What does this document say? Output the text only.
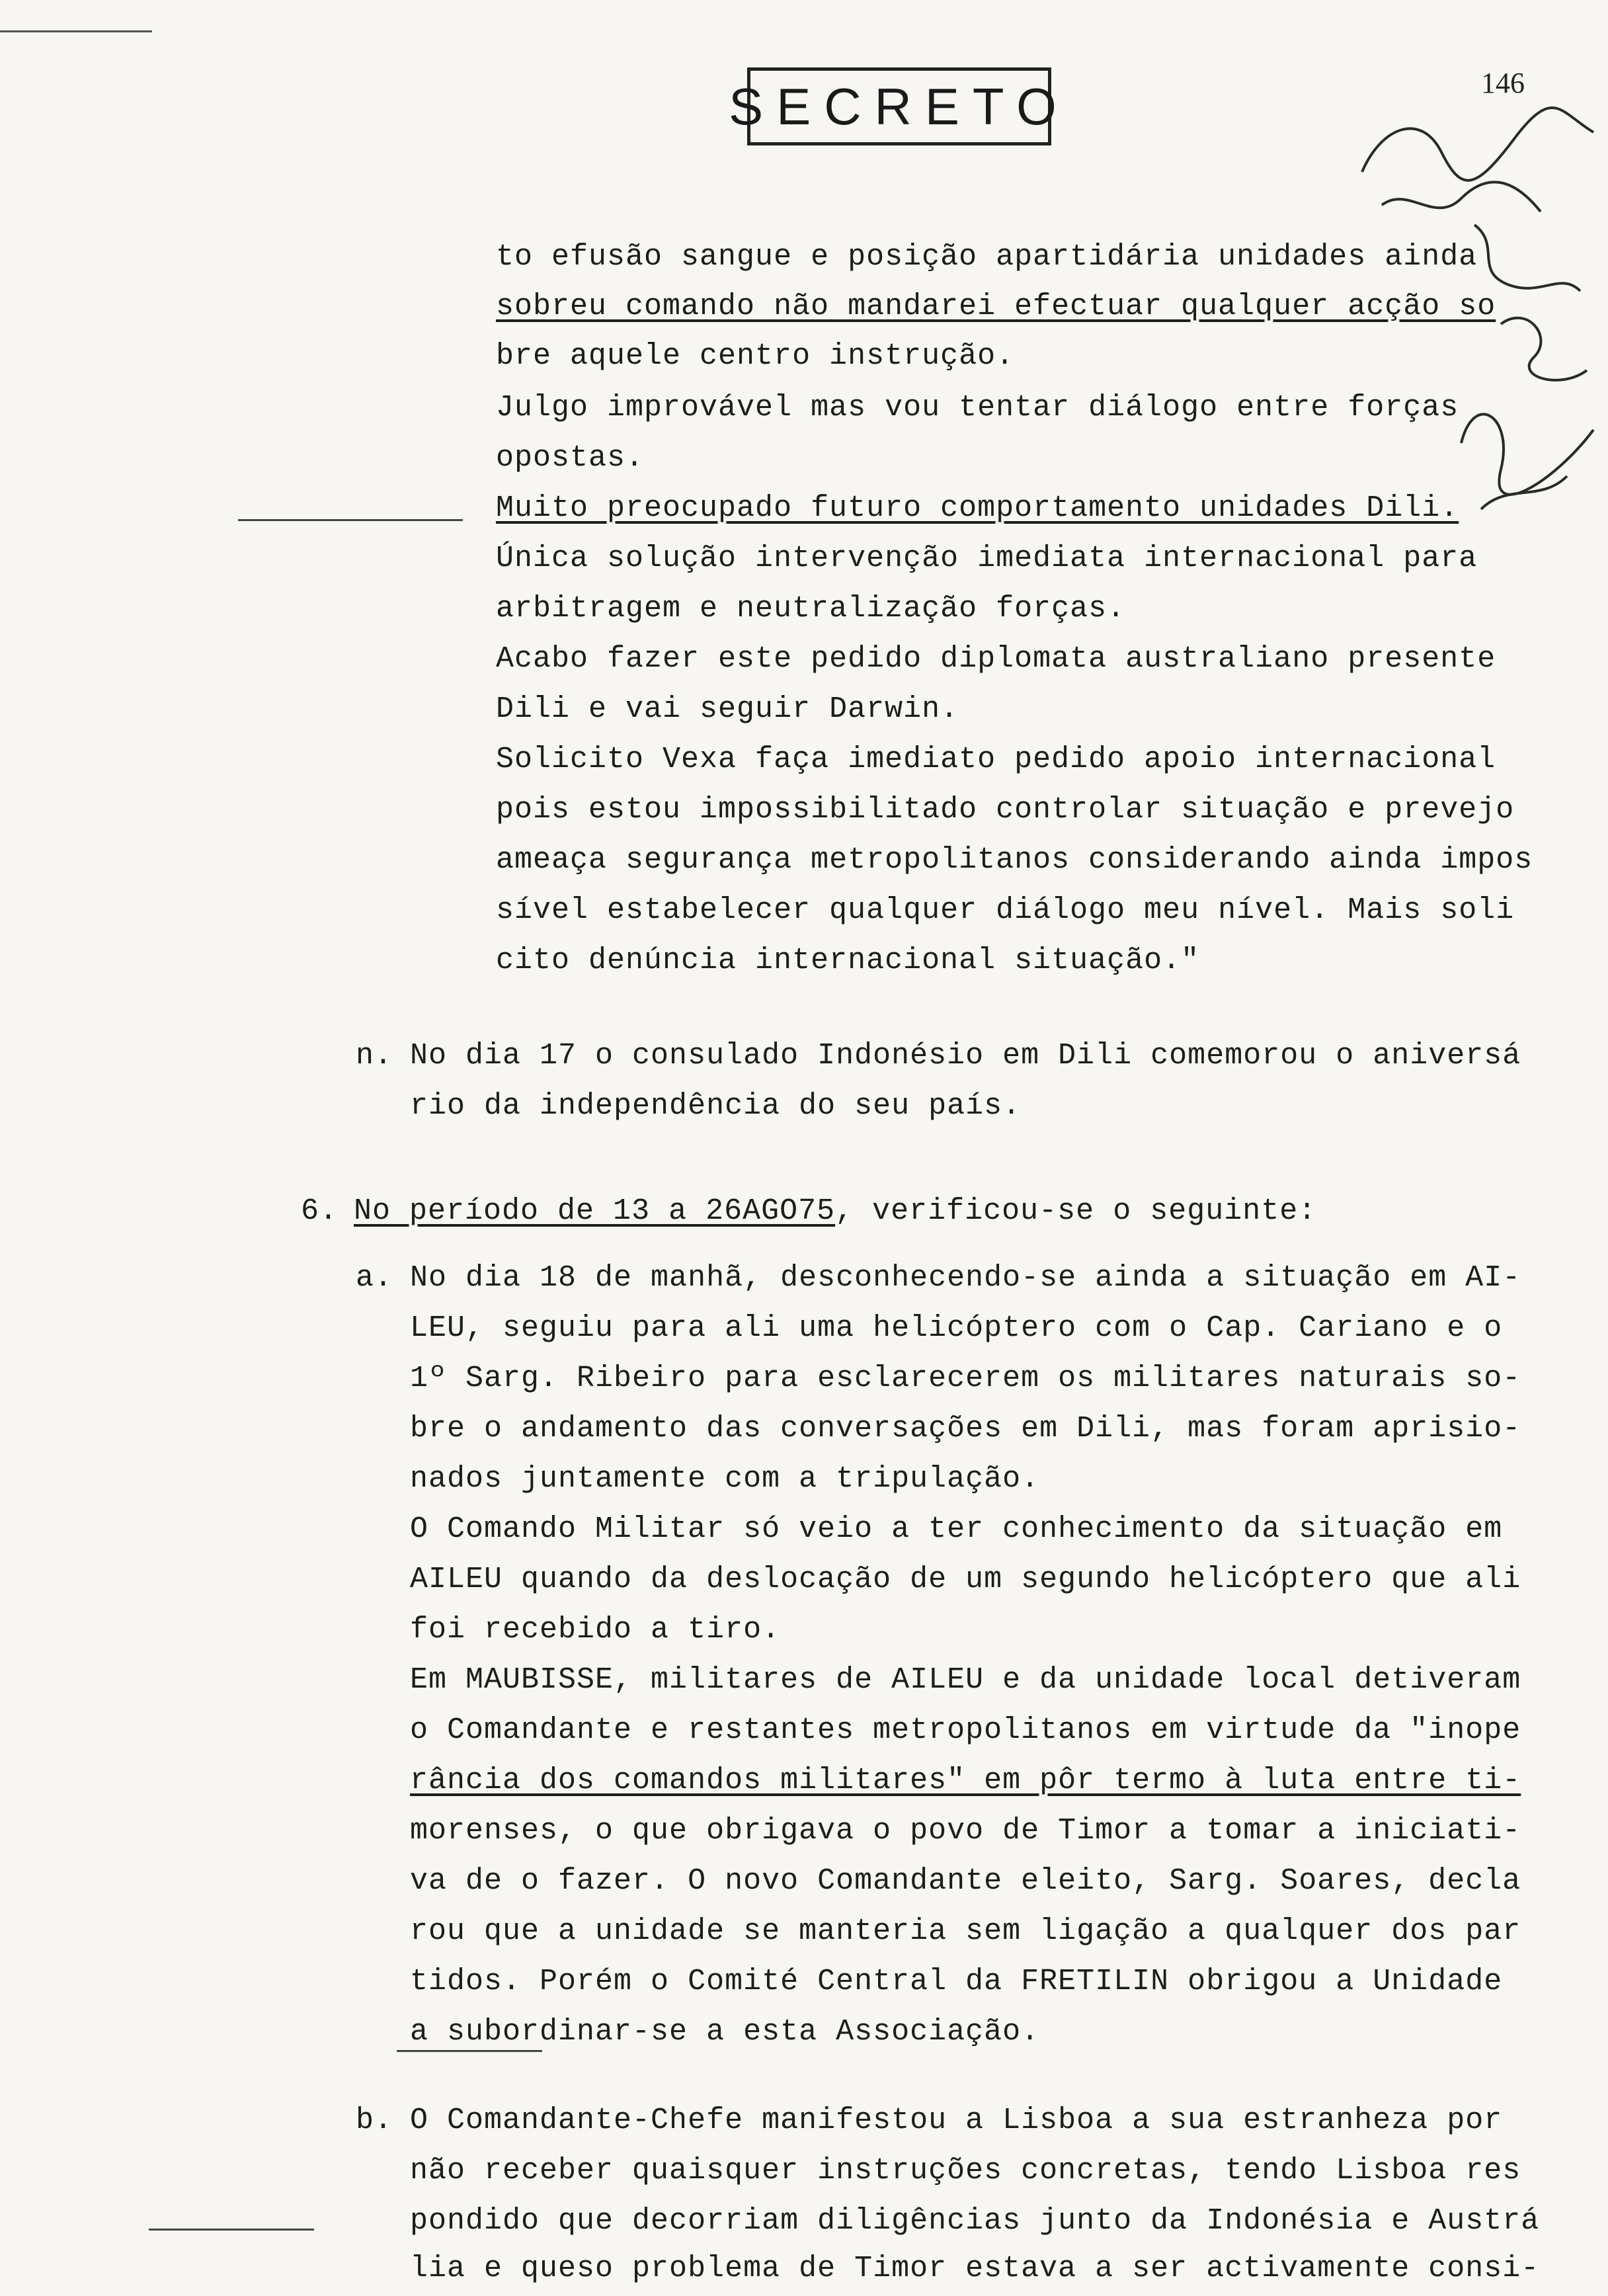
SECRETO	146
to efusão sangue e posição apartidária unidades ainda
sobreu comando não mandarei efectuar qualquer acção so
bre aquele centro instrução.
Julgo improvável mas vou tentar diálogo entre forças
opostas.
Muito preocupado futuro comportamento unidades Dili.
Única solução intervenção imediata internacional para
arbitragem e neutralização forças.
Acabo fazer este pedido diplomata australiano presente
Dili e vai seguir Darwin.
Solicito Vexa faça imediato pedido apoio internacional
pois estou impossibilitado controlar situação e prevejo
ameaça segurança metropolitanos considerando ainda impos
sível estabelecer qualquer diálogo meu nível. Mais soli
cito denúncia internacional situação."
n. No dia 17 o consulado Indonésio em Dili comemorou o aniversá
rio da independência do seu país.
6. No período de 13 a 26AGO75, verificou-se o seguinte:
a. No dia 18 de manhã, desconhecendo-se ainda a situação em AI-
LEU, seguiu para ali uma helicóptero com o Cap. Cariano e o
1º Sarg. Ribeiro para esclarecerem os militares naturais so-
bre o andamento das conversações em Dili, mas foram aprisio-
nados juntamente com a tripulação.
O Comando Militar só veio a ter conhecimento da situação em
AILEU quando da deslocação de um segundo helicóptero que ali
foi recebido a tiro.
Em MAUBISSE, militares de AILEU e da unidade local detiveram
o Comandante e restantes metropolitanos em virtude da "inope
rância dos comandos militares" em pôr termo à luta entre ti-
morenses, o que obrigava o povo de Timor a tomar a iniciati-
va de o fazer. O novo Comandante eleito, Sarg. Soares, decla
rou que a unidade se manteria sem ligação a qualquer dos par
tidos. Porém o Comité Central da FRETILIN obrigou a Unidade
a subordinar-se a esta Associação.
b. O Comandante-Chefe manifestou a Lisboa a sua estranheza por
não receber quaisquer instruções concretas, tendo Lisboa res
pondido que decorriam diligências junto da Indonésia e Austrá
lia e queso problema de Timor estava a ser activamente consi-
